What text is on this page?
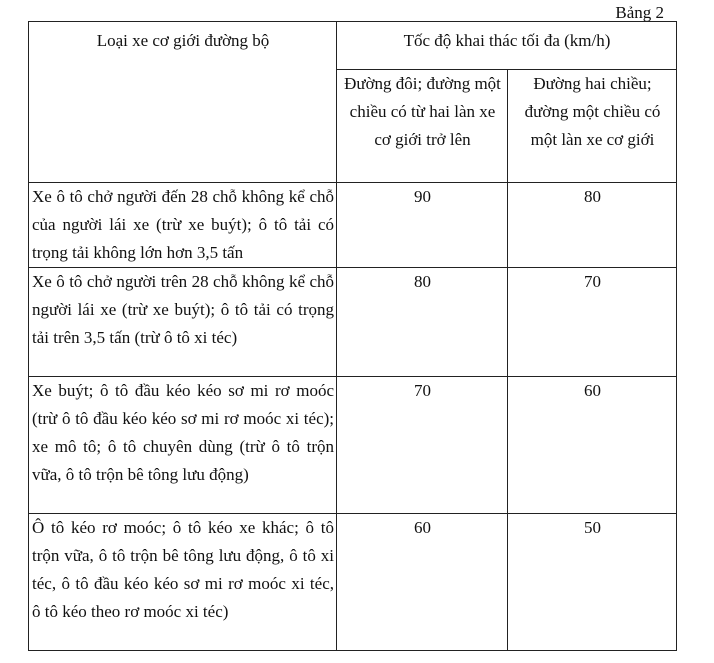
Bảng 2
Loại xe cơ giới đường bộ	Tốc độ khai thác tối đa (km/h)	
	Đường đôi; đường một chiều có từ hai làn xe cơ giới trở lên	Đường hai chiều; đường một chiều có một làn xe cơ giới
Xe ô tô chở người đến 28 chỗ không kể chỗ của người lái xe (trừ xe buýt); ô tô tải có trọng tải không lớn hơn 3,5 tấn	90	80
Xe ô tô chở người trên 28 chỗ không kể chỗ người lái xe (trừ xe buýt); ô tô tải có trọng tải trên 3,5 tấn (trừ ô tô xi téc)	80	70
Xe buýt; ô tô đầu kéo kéo sơ mi rơ moóc (trừ ô tô đầu kéo kéo sơ mi rơ moóc xi téc); xe mô tô; ô tô chuyên dùng (trừ ô tô trộn vữa, ô tô trộn bê tông lưu động)	70	60
Ô tô kéo rơ moóc; ô tô kéo xe khác; ô tô trộn vữa, ô tô trộn bê tông lưu động, ô tô xi téc, ô tô đầu kéo kéo sơ mi rơ moóc xi téc, ô tô kéo theo rơ moóc xi téc)	60	50
